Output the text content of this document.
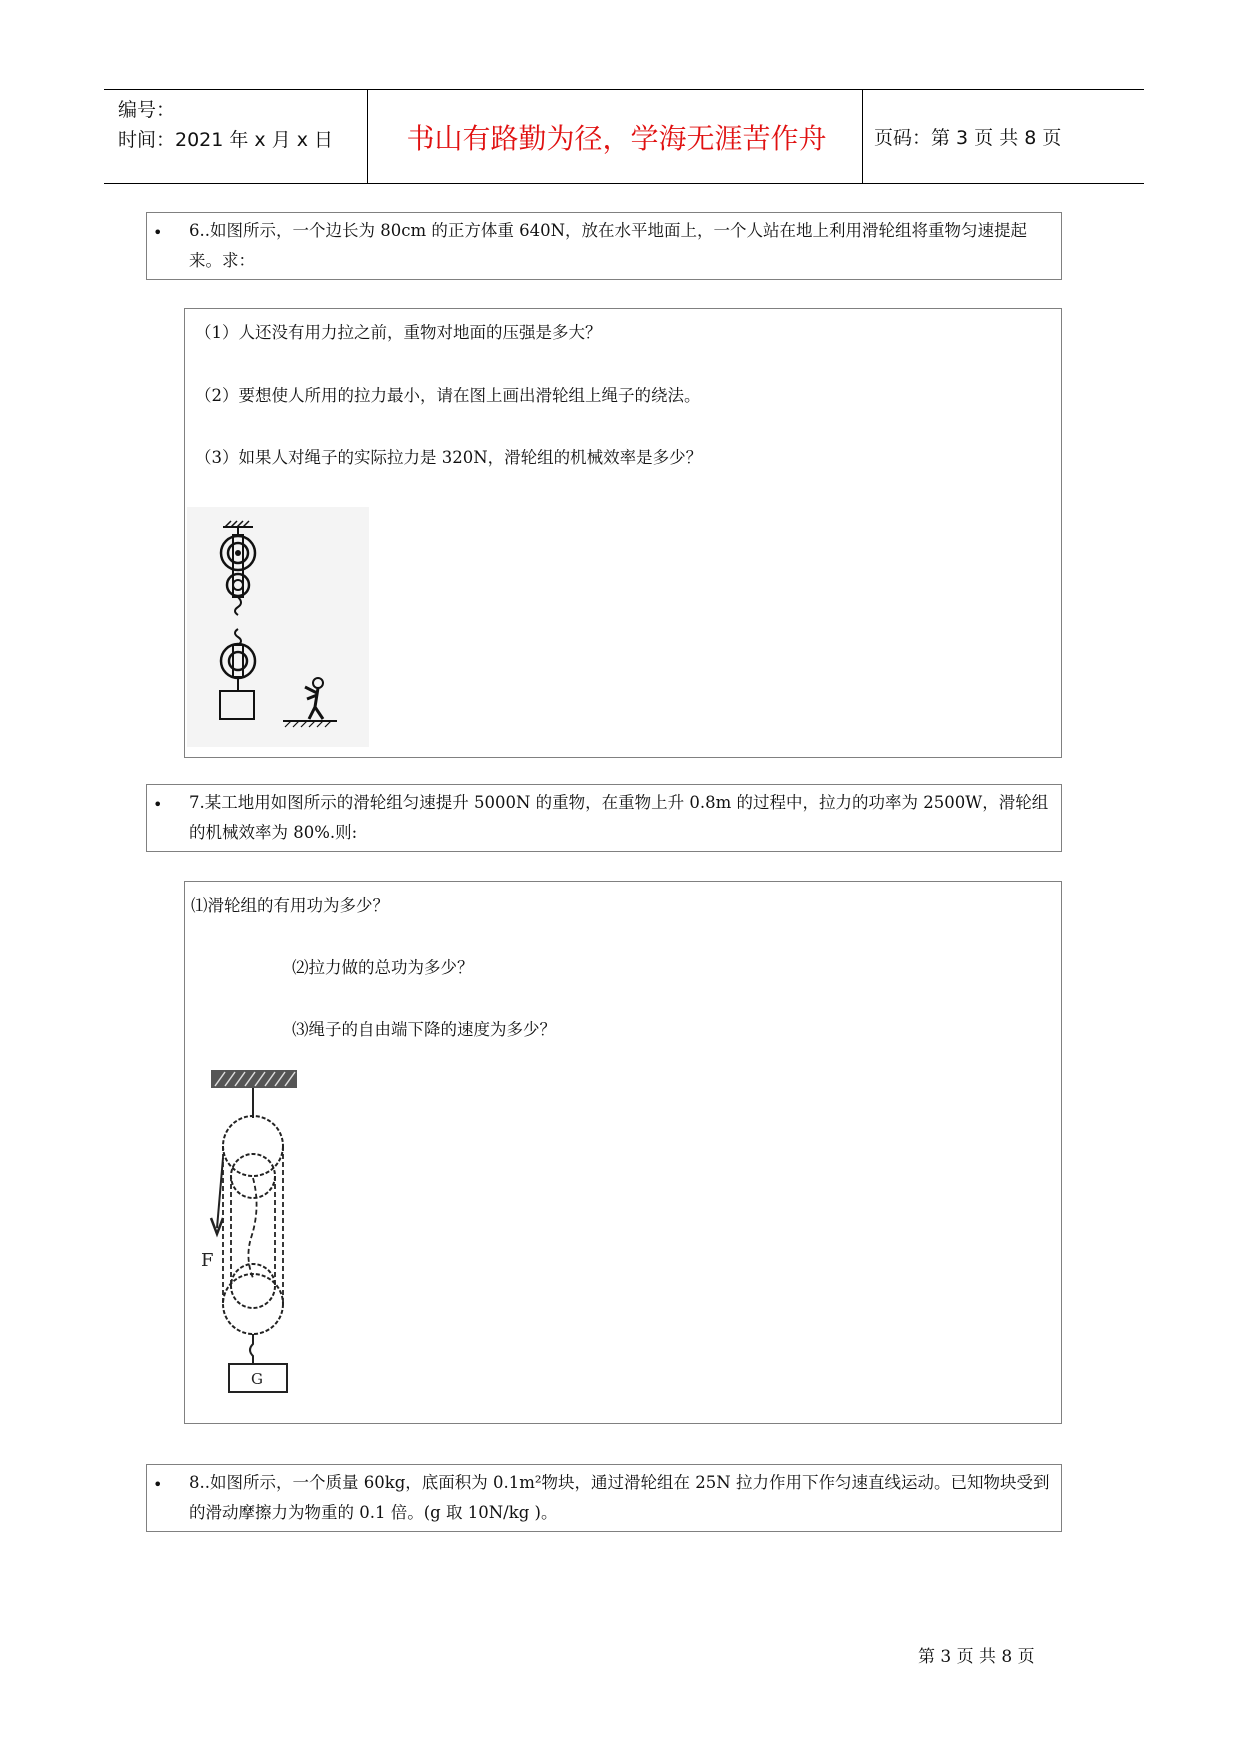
编号：
时间：2021 年 x 月 x 日	书山有路勤为径，学海无涯苦作舟	页码：第 3 页 共 8 页
• 6..如图所示，一个边长为 80cm 的正方体重 640N，放在水平地面上，一个人站在地上利用滑轮组将重物匀速提起来。求：
（1）人还没有用力拉之前，重物对地面的压强是多大？
（2）要想使人所用的拉力最小，请在图上画出滑轮组上绳子的绕法。
（3）如果人对绳子的实际拉力是 320N，滑轮组的机械效率是多少？
• 7.某工地用如图所示的滑轮组匀速提升 5000N 的重物，在重物上升 0.8m 的过程中，拉力的功率为 2500W，滑轮组的机械效率为 80%.则:
⑴滑轮组的有用功为多少？
⑵拉力做的总功为多少？
⑶绳子的自由端下降的速度为多少？
F
G
• 8..如图所示，一个质量 60kg，底面积为 0.1m²物块，通过滑轮组在 25N 拉力作用下作匀速直线运动。已知物块受到的滑动摩擦力为物重的 0.1 倍。(g 取 10N/kg )。
第 3 页 共 8 页
